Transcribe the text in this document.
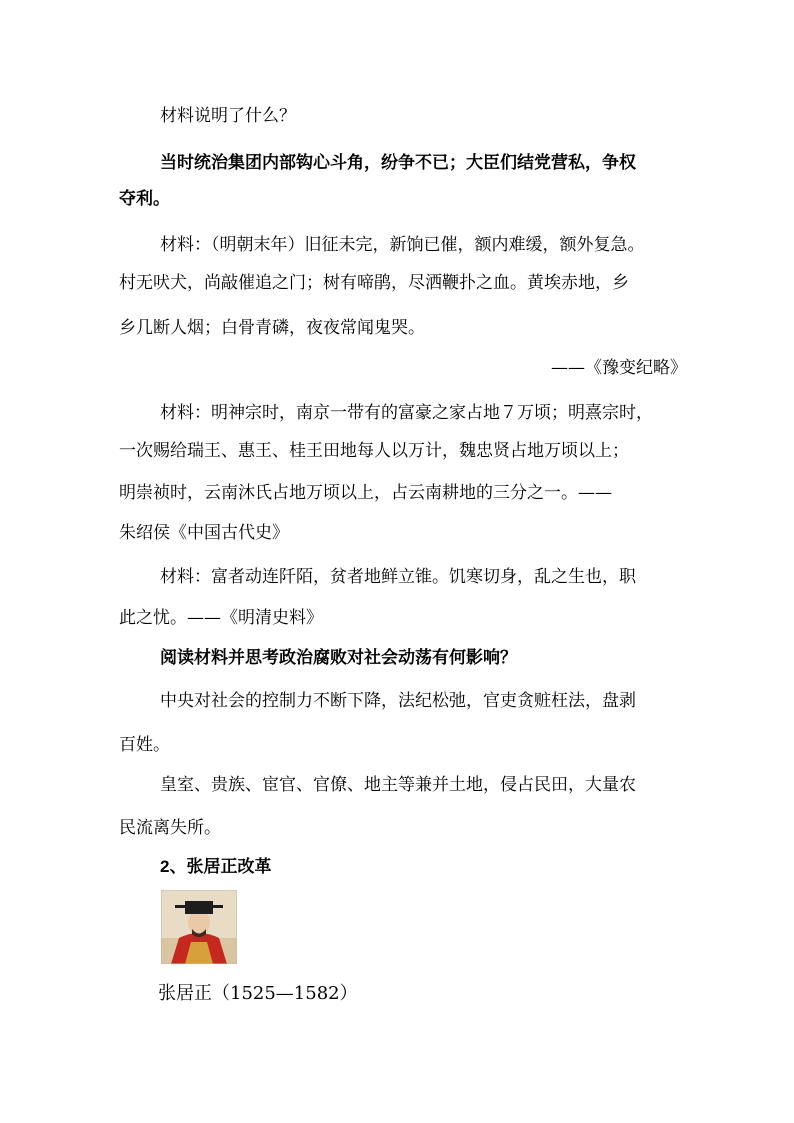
材料说明了什么？
当时统治集团内部钩心斗角，纷争不已；大臣们结党营私，争权
夺利。
材料：（明朝末年）旧征未完，新饷已催，额内难缓，额外复急。
村无吠犬，尚敲催追之门；树有啼鹃，尽洒鞭扑之血。黄埃赤地，乡
乡几断人烟；白骨青磷，夜夜常闻鬼哭。
——《豫变纪略》
材料：明神宗时，南京一带有的富豪之家占地７万顷；明熹宗时，
一次赐给瑞王、惠王、桂王田地每人以万计，魏忠贤占地万顷以上；
明崇祯时，云南沐氏占地万顷以上，占云南耕地的三分之一。——
朱绍侯《中国古代史》
材料：富者动连阡陌，贫者地鲜立锥。饥寒切身，乱之生也，职
此之忧。——《明清史料》
阅读材料并思考政治腐败对社会动荡有何影响？
中央对社会的控制力不断下降，法纪松弛，官吏贪赃枉法，盘剥
百姓。
皇室、贵族、宦官、官僚、地主等兼并土地，侵占民田，大量农
民流离失所。
2、张居正改革
张居正（1525—1582）
